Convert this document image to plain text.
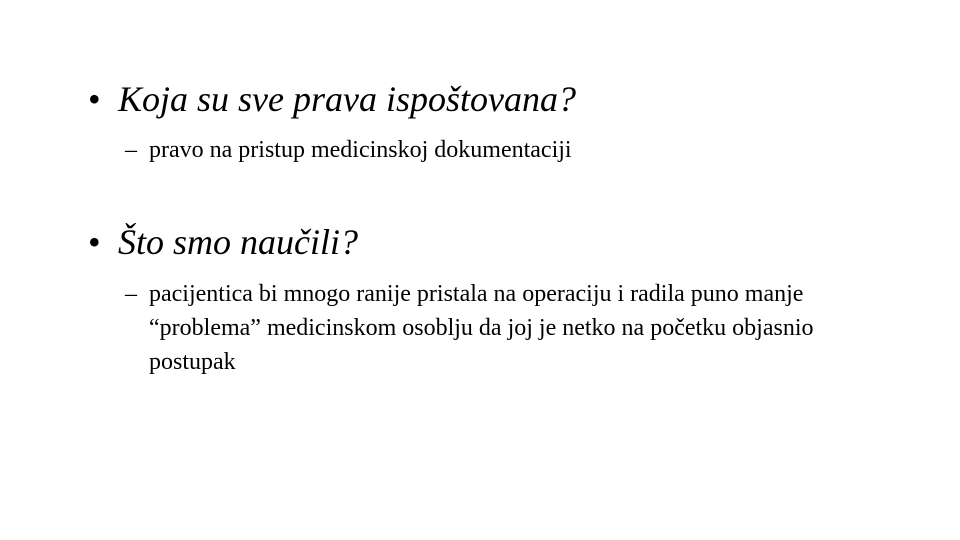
• Koja su sve prava ispoštovana?
– pravo na pristup medicinskoj dokumentaciji
• Što smo naučili?
– pacijentica bi mnogo ranije pristala na operaciju i radila puno manje “problema” medicinskom osoblju da joj je netko na početku objasnio postupak
